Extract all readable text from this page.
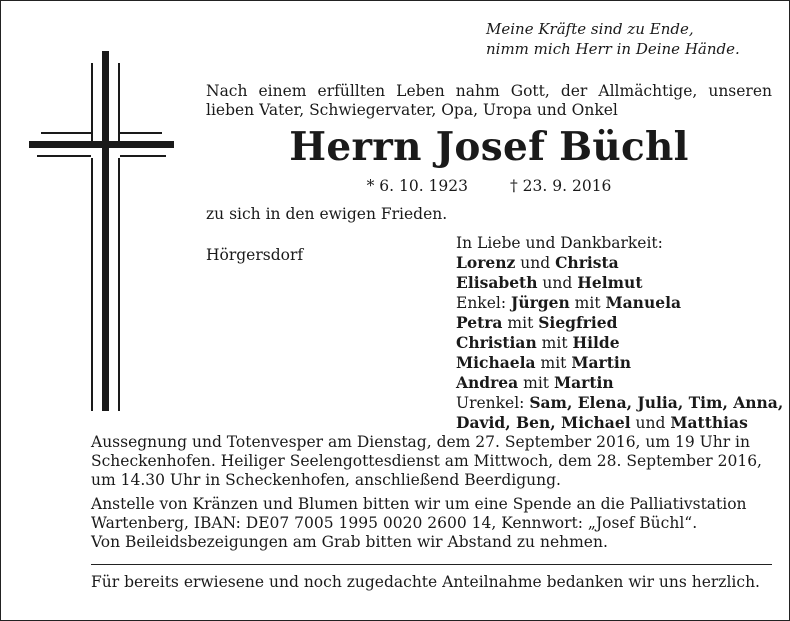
Meine Kräfte sind zu Ende,
nimm mich Herr in Deine Hände.
Nach einem erfüllten Leben nahm Gott, der Allmächtige, unseren
lieben Vater, Schwiegervater, Opa, Uropa und Onkel
Herrn Josef Büchl
* 6. 10. 1923	† 23. 9. 2016
zu sich in den ewigen Frieden.
Hörgersdorf
In Liebe und Dankbarkeit:
Lorenz und Christa
Elisabeth und Helmut
Enkel: Jürgen mit Manuela
Petra mit Siegfried
Christian mit Hilde
Michaela mit Martin
Andrea mit Martin
Urenkel: Sam, Elena, Julia, Tim, Anna,
David, Ben, Michael und Matthias
Aussegnung und Totenvesper am Dienstag, dem 27. September 2016, um 19 Uhr in
Scheckenhofen. Heiliger Seelengottesdienst am Mittwoch, dem 28. September 2016,
um 14.30 Uhr in Scheckenhofen, anschließend Beerdigung.
Anstelle von Kränzen und Blumen bitten wir um eine Spende an die Palliativstation
Wartenberg, IBAN: DE07 7005 1995 0020 2600 14, Kennwort: „Josef Büchl“.
Von Beileidsbezeigungen am Grab bitten wir Abstand zu nehmen.
Für bereits erwiesene und noch zugedachte Anteilnahme bedanken wir uns herzlich.
